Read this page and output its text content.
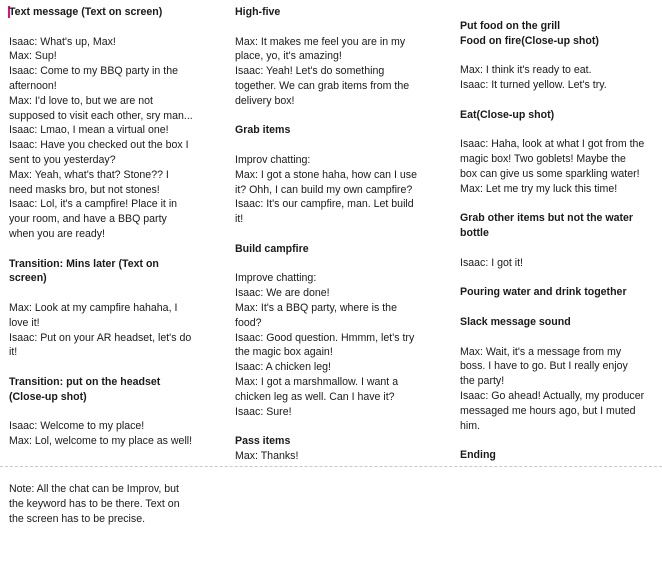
Text message (Text on screen)
Isaac: What's up, Max!
Max: Sup!
Isaac: Come to my BBQ party in the
afternoon!
Max: I'd love to, but we are not
supposed to visit each other, sry man...
Isaac: Lmao, I mean a virtual one!
Isaac: Have you checked out the box I
sent to you yesterday?
Max: Yeah, what's that? Stone?? I
need masks bro, but not stones!
Isaac: Lol, it's a campfire! Place it in
your room, and have a BBQ party
when you are ready!
Transition: Mins later (Text on
screen)
Max: Look at my campfire hahaha, I
love it!
Isaac: Put on your AR headset, let's do
it!
Transition: put on the headset
(Close-up shot)
Isaac: Welcome to my place!
Max: Lol, welcome to my place as well!
High-five
Max: It makes me feel you are in my
place, yo, it's amazing!
Isaac: Yeah! Let's do something
together. We can grab items from the
delivery box!
Grab items
Improv chatting:
Max: I got a stone haha, how can I use
it? Ohh, I can build my own campfire?
Isaac: It's our campfire, man. Let build
it!
Build campfire
Improve chatting:
Isaac: We are done!
Max: It's a BBQ party, where is the
food?
Isaac: Good question. Hmmm, let's try
the magic box again!
Isaac: A chicken leg!
Max: I got a marshmallow. I want a
chicken leg as well. Can I have it?
Isaac: Sure!
Pass items
Max: Thanks!
Put food on the grill
Food on fire(Close-up shot)
Max: I think it's ready to eat.
Isaac: It turned yellow. Let's try.
Eat(Close-up shot)
Isaac: Haha, look at what I got from the
magic box! Two goblets! Maybe the
box can give us some sparkling water!
Max: Let me try my luck this time!
Grab other items but not the water
bottle
Isaac: I got it!
Pouring water and drink together
Slack message sound
Max: Wait, it's a message from my
boss. I have to go. But I really enjoy
the party!
Isaac: Go ahead! Actually, my producer
messaged me hours ago, but I muted
him.
Ending
Note: All the chat can be Improv, but
the keyword has to be there. Text on
the screen has to be precise.
